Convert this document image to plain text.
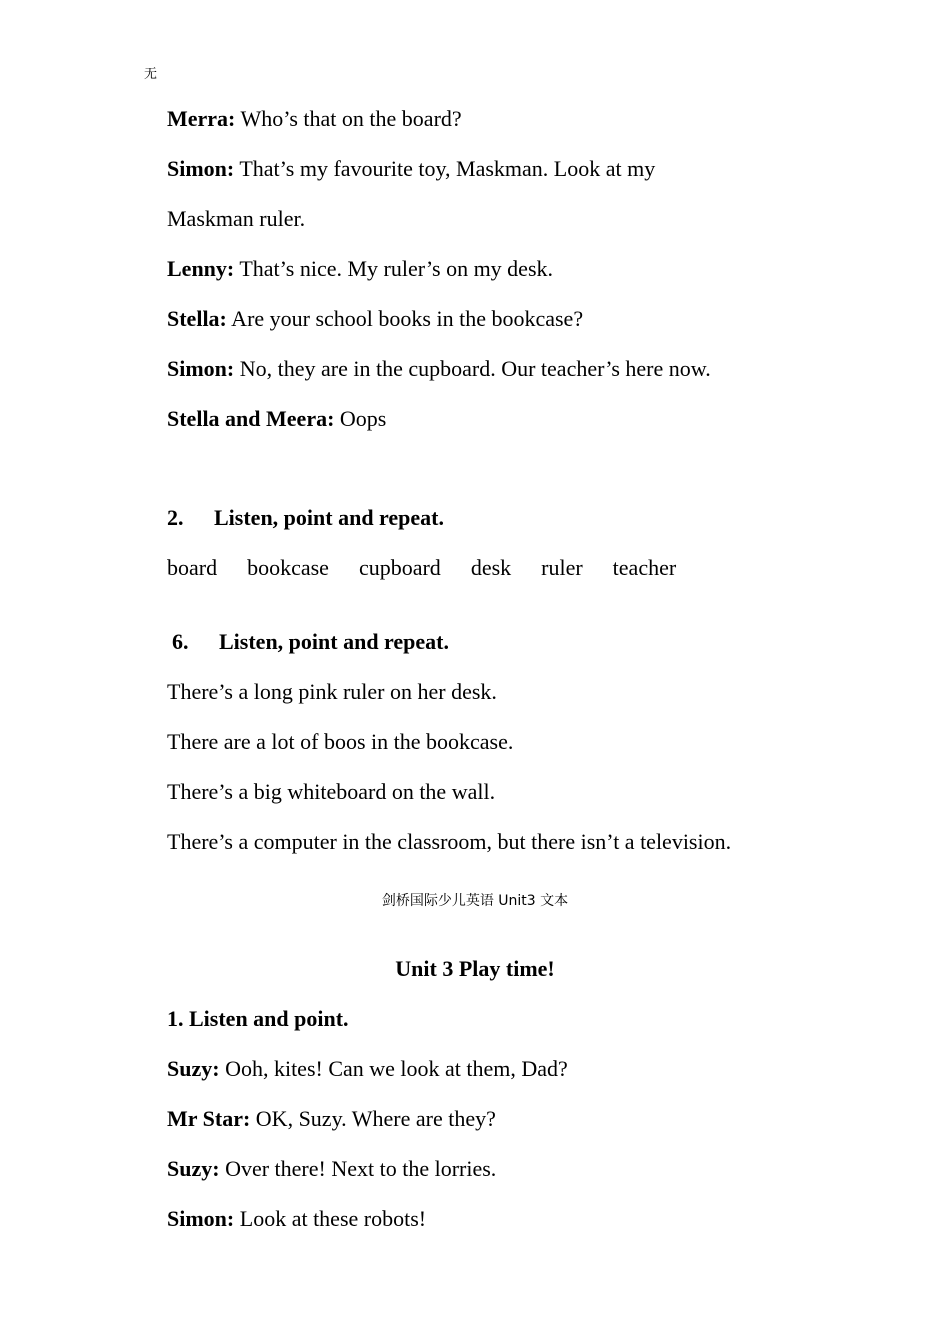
无
Merra: Who’s that on the board?
Simon: That’s my favourite toy, Maskman. Look at my
Maskman ruler.
Lenny: That’s nice. My ruler’s on my desk.
Stella: Are your school books in the bookcase?
Simon: No, they are in the cupboard. Our teacher’s here now.
Stella and Meera: Oops
2. Listen, point and repeat.
board bookcase cupboard desk ruler teacher
6. Listen, point and repeat.
There’s a long pink ruler on her desk.
There are a lot of boos in the bookcase.
There’s a big whiteboard on the wall.
There’s a computer in the classroom, but there isn’t a television.
剑桥国际少儿英语 Unit3 文本
Unit 3 Play time!
1. Listen and point.
Suzy: Ooh, kites! Can we look at them, Dad?
Mr Star: OK, Suzy. Where are they?
Suzy: Over there! Next to the lorries.
Simon: Look at these robots!
